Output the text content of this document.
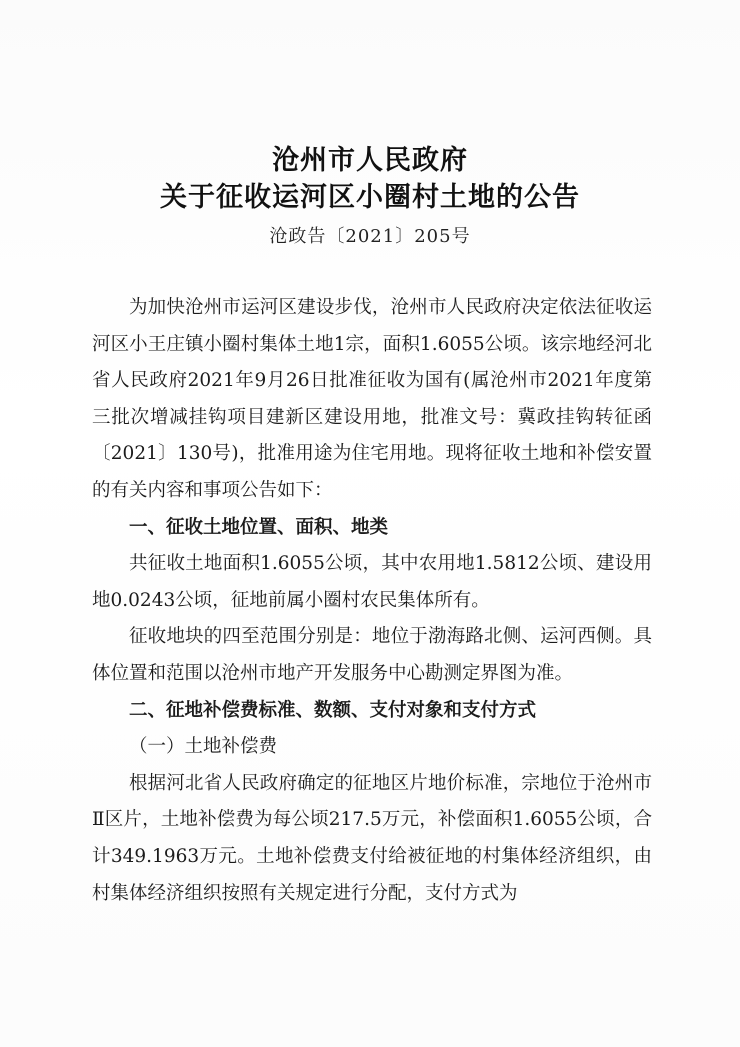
沧州市人民政府
关于征收运河区小圈村土地的公告
沧政告〔2021〕205号

为加快沧州市运河区建设步伐，沧州市人民政府决定依法征收运河区小王庄镇小圈村集体土地1宗，面积1.6055公顷。该宗地经河北省人民政府2021年9月26日批准征收为国有(属沧州市2021年度第三批次增减挂钩项目建新区建设用地，批准文号：冀政挂钩转征函〔2021〕130号)，批准用途为住宅用地。现将征收土地和补偿安置的有关内容和事项公告如下：

一、征收土地位置、面积、地类

共征收土地面积1.6055公顷，其中农用地1.5812公顷、建设用地0.0243公顷，征地前属小圈村农民集体所有。

征收地块的四至范围分别是：地位于渤海路北侧、运河西侧。具体位置和范围以沧州市地产开发服务中心勘测定界图为准。

二、征地补偿费标准、数额、支付对象和支付方式

（一）土地补偿费

根据河北省人民政府确定的征地区片地价标准，宗地位于沧州市Ⅱ区片，土地补偿费为每公顷217.5万元，补偿面积1.6055公顷，合计349.1963万元。土地补偿费支付给被征地的村集体经济组织，由村集体经济组织按照有关规定进行分配，支付方式为
